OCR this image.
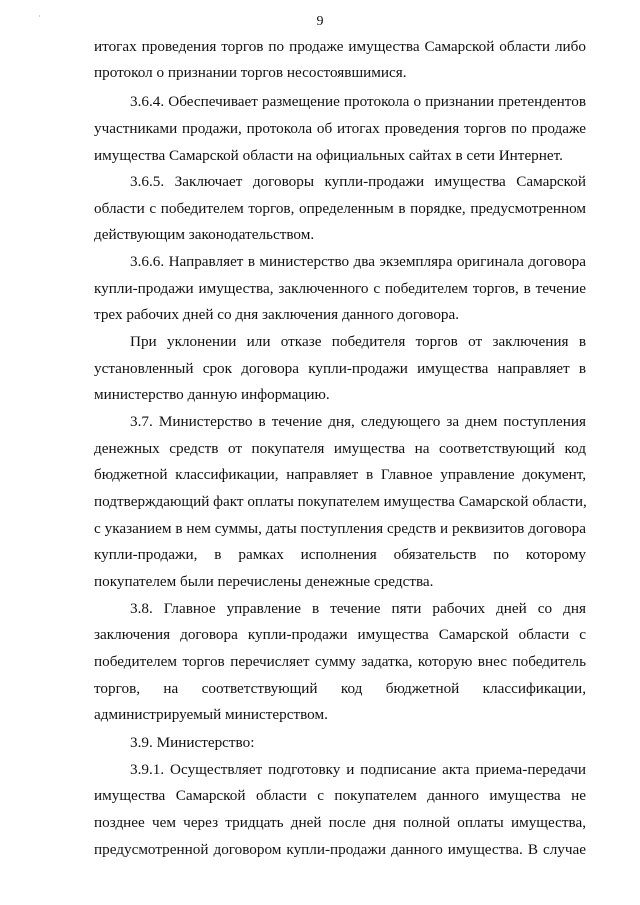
·	9
итогах проведения торгов по продаже имущества Самарской области либо
протокол о признании торгов несостоявшимися.
3.6.4. Обеспечивает размещение протокола о признании претендентов
участниками продажи, протокола об итогах проведения торгов по продаже
имущества Самарской области на официальных сайтах в сети Интернет.
3.6.5. Заключает договоры купли-продажи имущества Самарской
области с победителем торгов, определенным в порядке, предусмотренном
действующим законодательством.
3.6.6. Направляет в министерство два экземпляра оригинала договора
купли-продажи имущества, заключенного с победителем торгов, в течение
трех рабочих дней со дня заключения данного договора.
При уклонении или отказе победителя торгов от заключения в
установленный срок договора купли-продажи имущества направляет в
министерство данную информацию.
3.7. Министерство в течение дня, следующего за днем поступления
денежных средств от покупателя имущества на соответствующий код
бюджетной классификации, направляет в Главное управление документ,
подтверждающий факт оплаты покупателем имущества Самарской области,
с указанием в нем суммы, даты поступления средств и реквизитов договора
купли-продажи, в рамках исполнения обязательств по которому
покупателем были перечислены денежные средства.
3.8. Главное управление в течение пяти рабочих дней со дня
заключения договора купли-продажи имущества Самарской области с
победителем торгов перечисляет сумму задатка, которую внес победитель
торгов, на соответствующий код бюджетной классификации,
администрируемый министерством.
3.9. Министерство:
3.9.1. Осуществляет подготовку и подписание акта приема-передачи
имущества Самарской области с покупателем данного имущества не
позднее чем через тридцать дней после дня полной оплаты имущества,
предусмотренной договором купли-продажи данного имущества. В случае
